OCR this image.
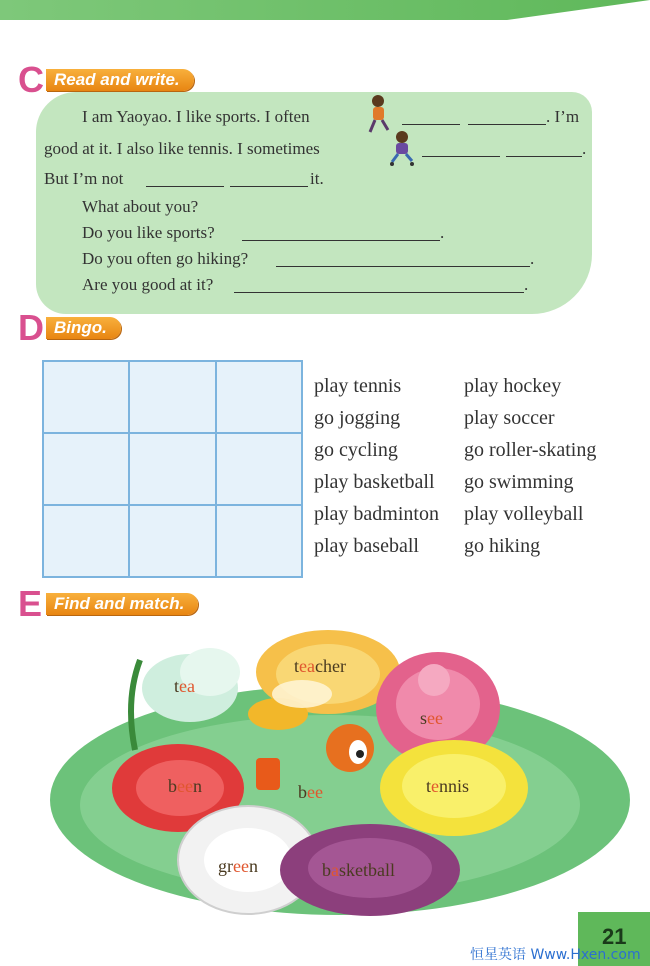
C Read and write.
I am Yaoyao. I like sports. I often	. I’m
good at it. I also like tennis. I sometimes	.
But I’m not	it.
What about you?
Do you like sports?	.
Do you often go hiking?	.
Are you good at it?	.
D Bingo.
play tennis
go jogging
go cycling
play basketball
play badminton
play baseball
play hockey
play soccer
go roller-skating
go swimming
play volleyball
go hiking
E Find and match.
tea
teacher
see
been	bee	tennis
green	basketball
21
恒星英语 Www.Hxen.com
